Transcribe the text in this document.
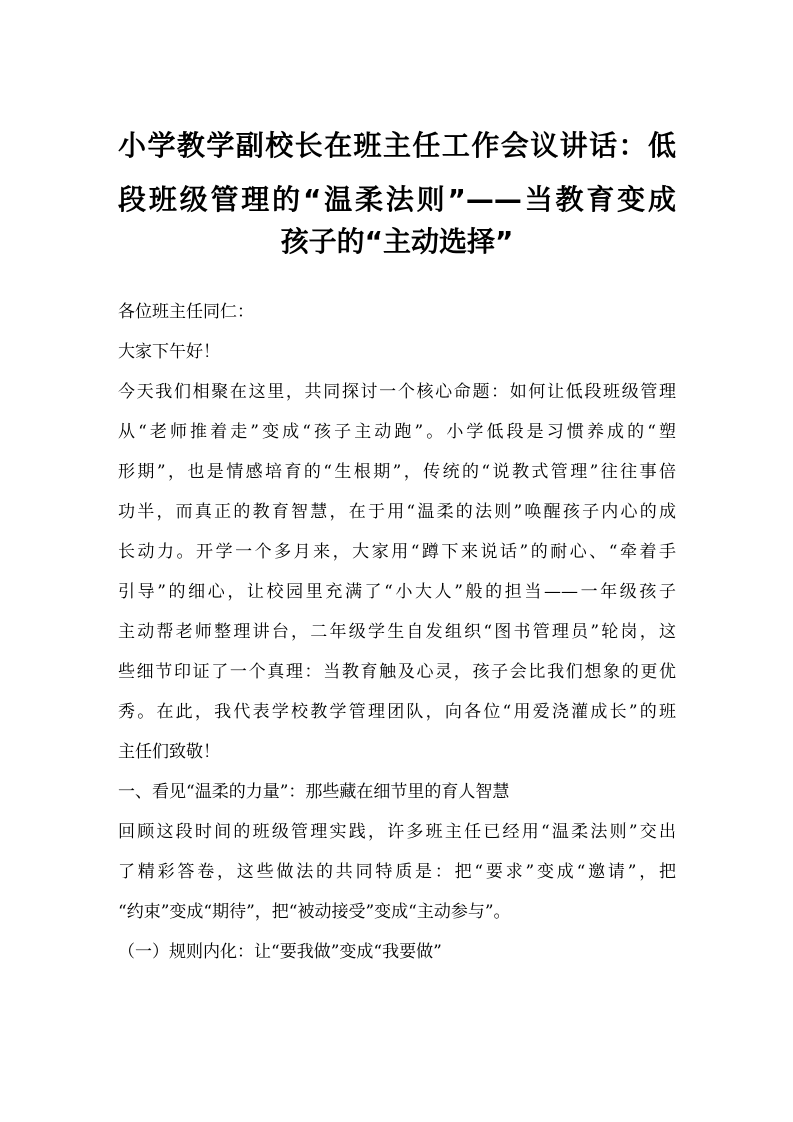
小学教学副校长在班主任工作会议讲话：低
段班级管理的“温柔法则”——当教育变成
孩子的“主动选择”
各位班主任同仁：
大家下午好！
今天我们相聚在这里，共同探讨一个核心命题：如何让低段班级管理
从“老师推着走”变成“孩子主动跑”。小学低段是习惯养成的“塑
形期”，也是情感培育的“生根期”，传统的“说教式管理”往往事倍
功半，而真正的教育智慧，在于用“温柔的法则”唤醒孩子内心的成
长动力。开学一个多月来，大家用“蹲下来说话”的耐心、“牵着手
引导”的细心，让校园里充满了“小大人”般的担当——一年级孩子
主动帮老师整理讲台，二年级学生自发组织“图书管理员”轮岗，这
些细节印证了一个真理：当教育触及心灵，孩子会比我们想象的更优
秀。在此，我代表学校教学管理团队，向各位“用爱浇灌成长”的班
主任们致敬！
一、看见“温柔的力量”：那些藏在细节里的育人智慧
回顾这段时间的班级管理实践，许多班主任已经用“温柔法则”交出
了精彩答卷，这些做法的共同特质是：把“要求”变成“邀请”，把
“约束”变成“期待”，把“被动接受”变成“主动参与”。
（一）规则内化：让“要我做”变成“我要做”
